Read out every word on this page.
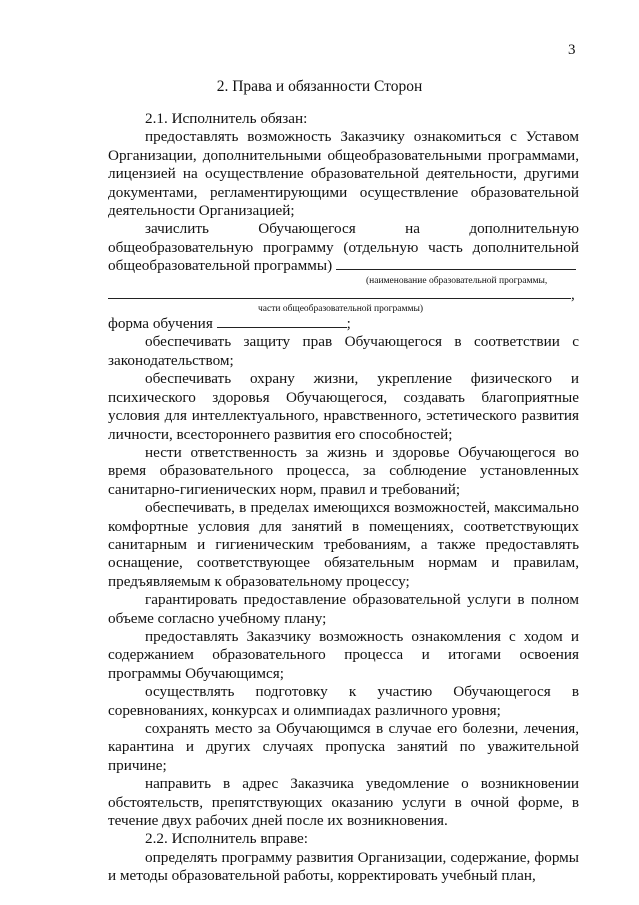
3
2. Права и обязанности Сторон

2.1. Исполнитель обязан:

предоставлять возможность Заказчику ознакомиться с Уставом Организации, дополнительными общеобразовательными программами, лицензией на осуществление образовательной деятельности, другими документами, регламентирующими осуществление образовательной деятельности Организацией;

зачислить	Обучающегося	на	дополнительную

общеобразовательную программу (отдельную часть дополнительной

общеобразовательной программы)
(наименование образовательной программы,
,
части общеобразовательной программы)
форма обучения	;

обеспечивать защиту прав Обучающегося в соответствии с законодательством;

обеспечивать охрану жизни, укрепление физического и психического здоровья Обучающегося, создавать благоприятные условия для интеллектуального, нравственного, эстетического развития личности, всестороннего развития его способностей;

нести ответственность за жизнь и здоровье Обучающегося во время образовательного процесса, за соблюдение установленных санитарно-гигиенических норм, правил и требований;

обеспечивать, в пределах имеющихся возможностей, максимально комфортные условия для занятий в помещениях, соответствующих санитарным и гигиеническим требованиям, а также предоставлять оснащение, соответствующее обязательным нормам и правилам, предъявляемым к образовательному процессу;

гарантировать предоставление образовательной услуги в полном объеме согласно учебному плану;

предоставлять Заказчику возможность ознакомления с ходом и содержанием образовательного процесса и итогами освоения программы Обучающимся;

осуществлять подготовку к участию Обучающегося в соревнованиях, конкурсах и олимпиадах различного уровня;

сохранять место за Обучающимся в случае его болезни, лечения, карантина и других случаях пропуска занятий по уважительной причине;

направить в адрес Заказчика уведомление о возникновении обстоятельств, препятствующих оказанию услуги в очной форме, в течение двух рабочих дней после их возникновения.

2.2. Исполнитель вправе:

определять программу развития Организации, содержание, формы и методы образовательной работы, корректировать учебный план,
